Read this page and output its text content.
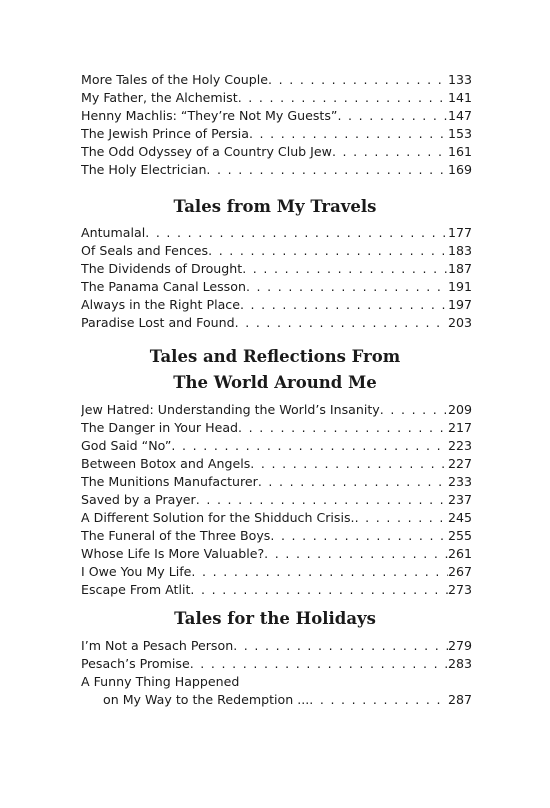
More Tales of the Holy Couple . . .	133
My Father, the Alchemist . . .	141
Henny Machlis: “They’re Not My Guests” . . .	147
The Jewish Prince of Persia . . .	153
The Odd Odyssey of a Country Club Jew . . .	161
The Holy Electrician . . .	169
Tales from My Travels
Antumalal . . .	177
Of Seals and Fences . . .	183
The Dividends of Drought . . .	187
The Panama Canal Lesson . . .	191
Always in the Right Place . . .	197
Paradise Lost and Found . . .	203
Tales and Reflections From
The World Around Me
Jew Hatred: Understanding the World’s Insanity . . .	209
The Danger in Your Head . . .	217
God Said “No” . . .	223
Between Botox and Angels . . .	227
The Munitions Manufacturer . . .	233
Saved by a Prayer . . .	237
A Different Solution for the Shidduch Crisis. . . .	245
The Funeral of the Three Boys . . .	255
Whose Life Is More Valuable? . . .	261
I Owe You My Life . . .	267
Escape From Atlit . . .	273
Tales for the Holidays
I’m Not a Pesach Person . . .	279
Pesach’s Promise . . .	283
A Funny Thing Happened
on My Way to the Redemption ... . . .	287
